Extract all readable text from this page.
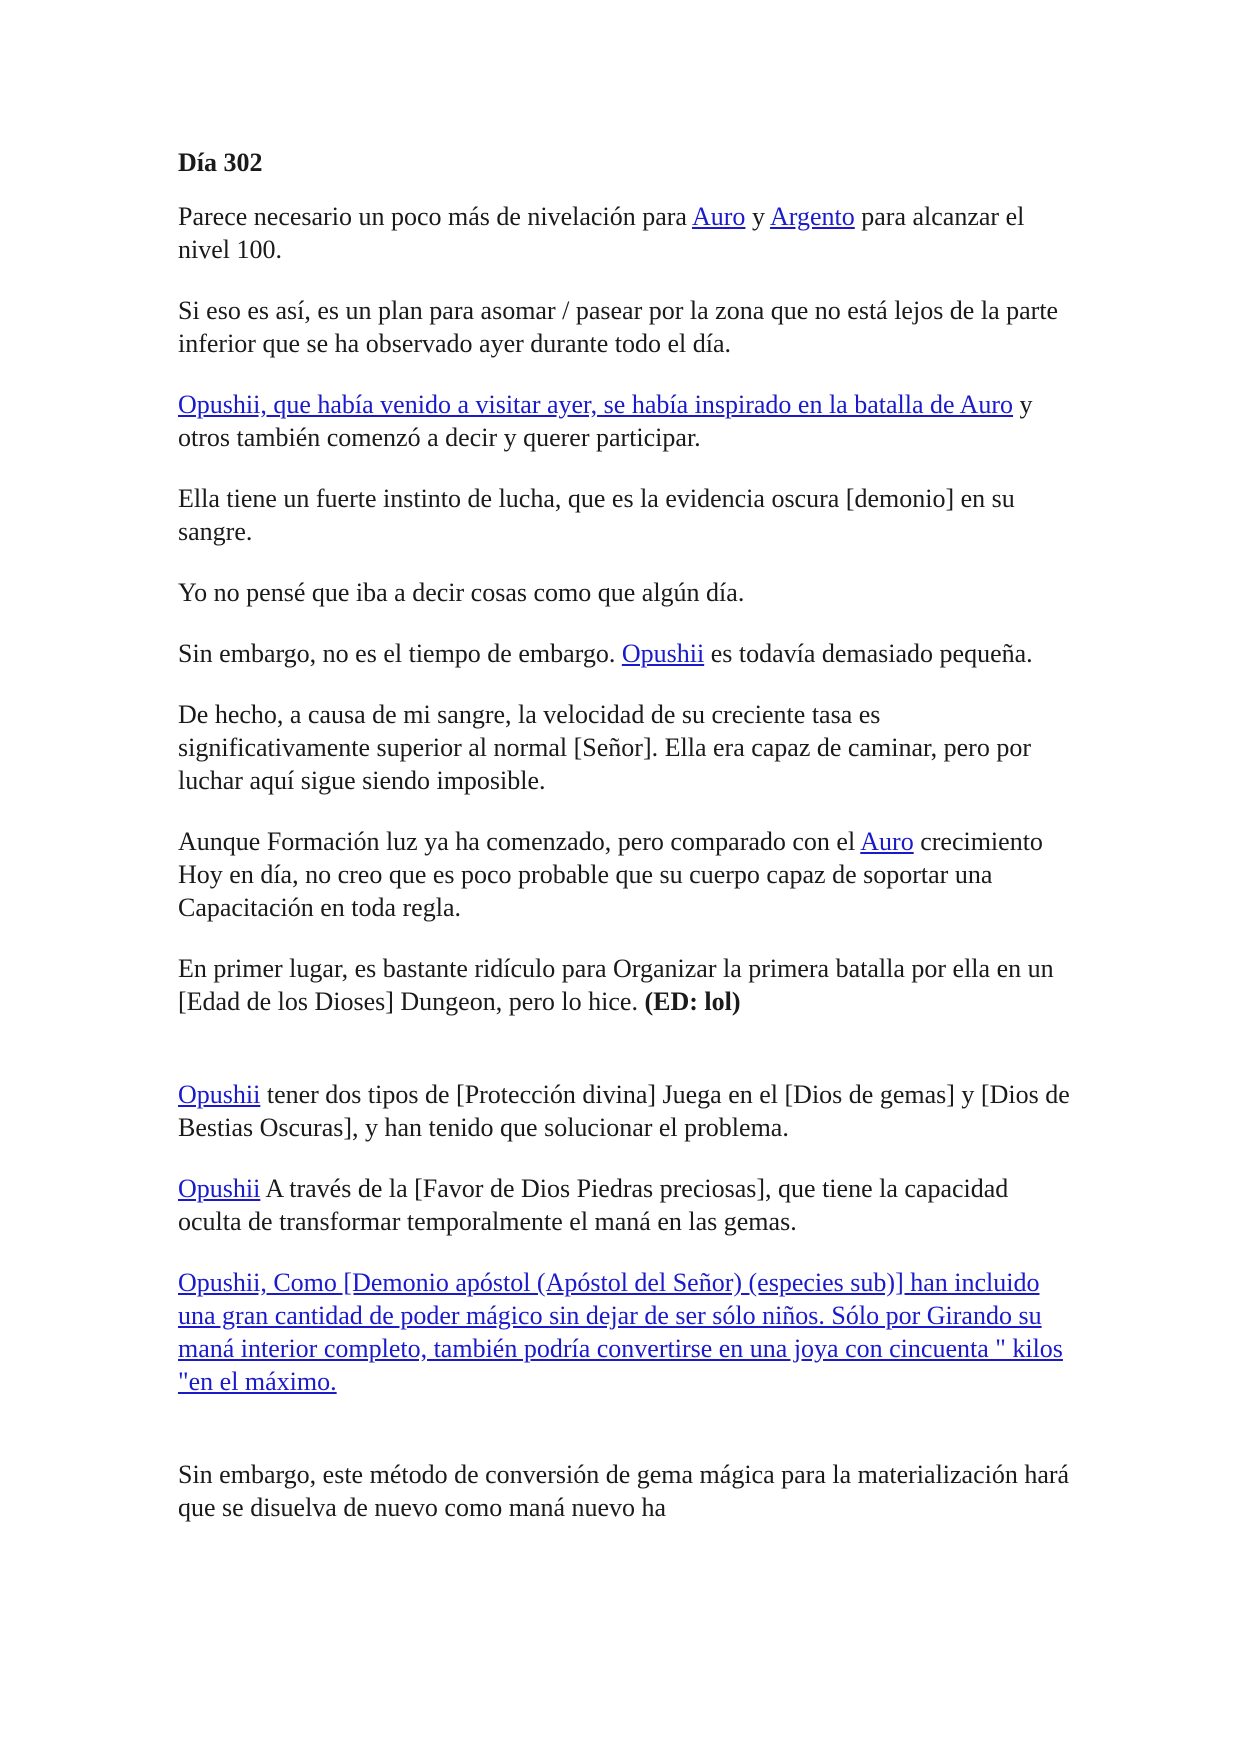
Día 302

Parece necesario un poco más de nivelación para Auro y Argento para alcanzar el nivel 100.

Si eso es así, es un plan para asomar / pasear por la zona que no está lejos de la parte inferior que se ha observado ayer durante todo el día.

Opushii, que había venido a visitar ayer, se había inspirado en la batalla de Auro y otros también comenzó a decir y querer participar.

Ella tiene un fuerte instinto de lucha, que es la evidencia oscura [demonio] en su sangre.

Yo no pensé que iba a decir cosas como que algún día.

Sin embargo, no es el tiempo de embargo. Opushii es todavía demasiado pequeña.

De hecho, a causa de mi sangre, la velocidad de su creciente tasa es significativamente superior al normal [Señor]. Ella era capaz de caminar, pero por luchar aquí sigue siendo imposible.

Aunque Formación luz ya ha comenzado, pero comparado con el Auro crecimiento Hoy en día, no creo que es poco probable que su cuerpo capaz de soportar una Capacitación en toda regla.

En primer lugar, es bastante ridículo para Organizar la primera batalla por ella en un [Edad de los Dioses] Dungeon, pero lo hice. (ED: lol)

Opushii tener dos tipos de [Protección divina] Juega en el [Dios de gemas] y [Dios de Bestias Oscuras], y han tenido que solucionar el problema.

Opushii A través de la [Favor de Dios Piedras preciosas], que tiene la capacidad oculta de transformar temporalmente el maná en las gemas.

Opushii, Como [Demonio apóstol (Apóstol del Señor) (especies sub)] han incluido una gran cantidad de poder mágico sin dejar de ser sólo niños. Sólo por Girando su maná interior completo, también podría convertirse en una joya con cincuenta " kilos "en el máximo.

Sin embargo, este método de conversión de gema mágica para la materialización hará que se disuelva de nuevo como maná nuevo ha
